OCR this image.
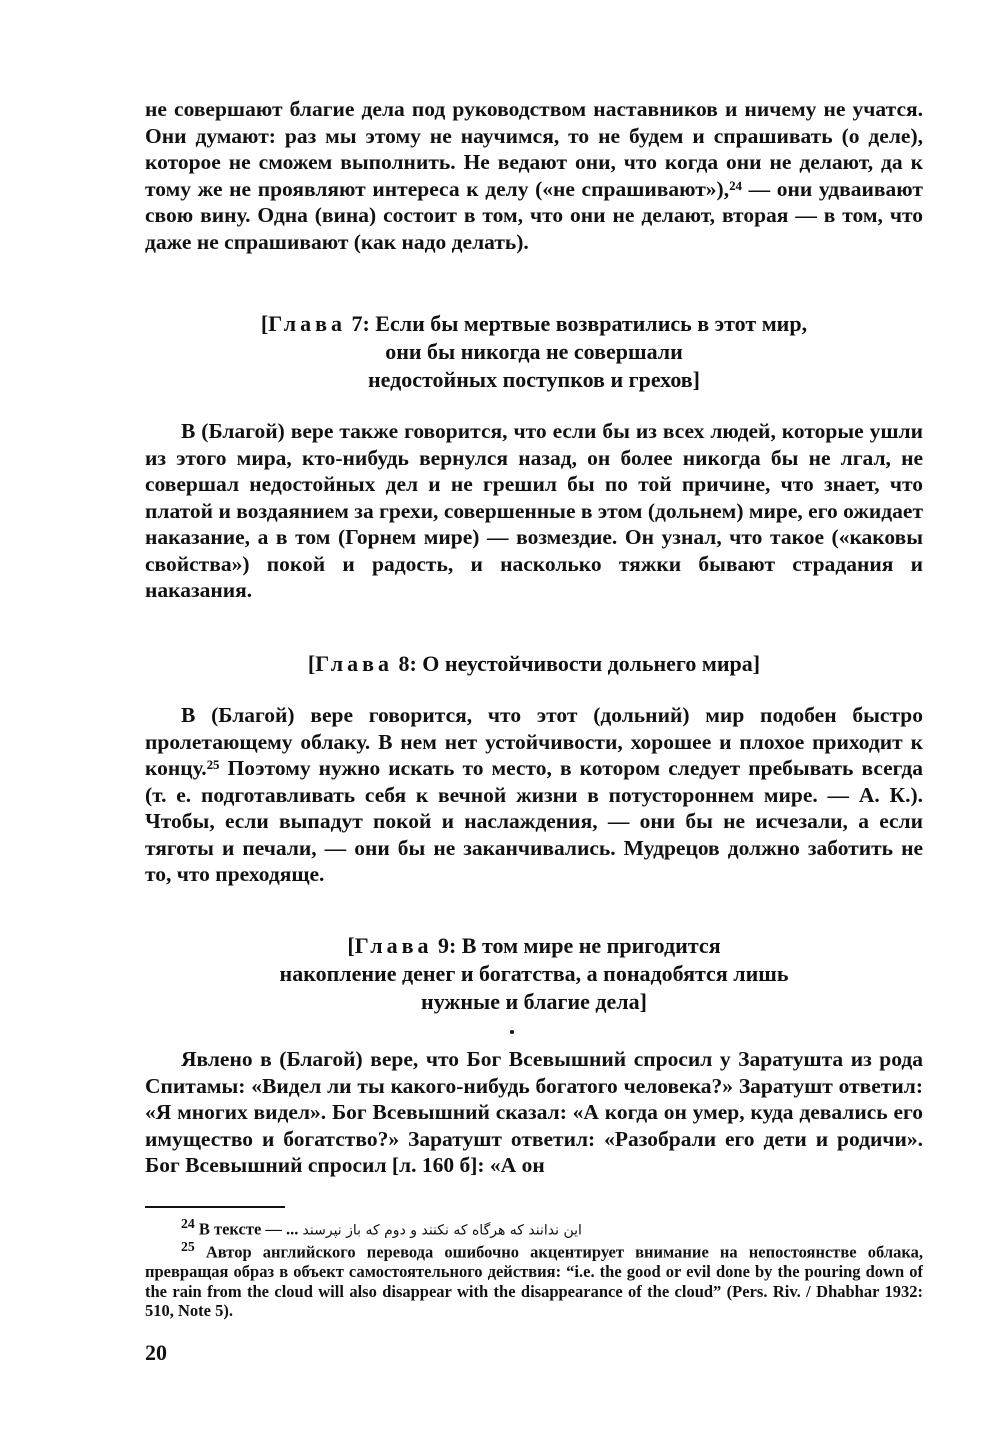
не совершают благие дела под руководством наставников и ничему не учатся. Они думают: раз мы этому не научимся, то не будем и спрашивать (о деле), которое не сможем выполнить. Не ведают они, что когда они не делают, да к тому же не проявляют интереса к делу («не спрашивают»),²⁴ — они удваивают свою вину. Одна (вина) состоит в том, что они не делают, вторая — в том, что даже не спрашивают (как надо делать).

[Глава 7: Если бы мертвые возвратились в этот мир,
они бы никогда не совершали
недостойных поступков и грехов]

В (Благой) вере также говорится, что если бы из всех людей, которые ушли из этого мира, кто-нибудь вернулся назад, он более никогда бы не лгал, не совершал недостойных дел и не грешил бы по той причине, что знает, что платой и воздаянием за грехи, совершенные в этом (дольнем) мире, его ожидает наказание, а в том (Горнем мире) — возмездие. Он узнал, что такое («каковы свойства») покой и радость, и насколько тяжки бывают страдания и наказания.

[Глава 8: О неустойчивости дольнего мира]

В (Благой) вере говорится, что этот (дольний) мир подобен быстро пролетающему облаку. В нем нет устойчивости, хорошее и плохое приходит к концу.²⁵ Поэтому нужно искать то место, в котором следует пребывать всегда (т. е. подготавливать себя к вечной жизни в потустороннем мире. — А. К.). Чтобы, если выпадут покой и наслаждения, — они бы не исчезали, а если тяготы и печали, — они бы не заканчивались. Мудрецов должно заботить не то, что преходяще.

[Глава 9: В том мире не пригодится
накопление денег и богатства, а понадобятся лишь
нужные и благие дела]

Явлено в (Благой) вере, что Бог Всевышний спросил у Заратушта из рода Спитамы: «Видел ли ты какого-нибудь богатого человека?» Заратушт ответил: «Я многих видел». Бог Всевышний сказал: «А когда он умер, куда девались его имущество и богатство?» Заратушт ответил: «Разобрали его дети и родичи». Бог Всевышний спросил [л. 160 б]: «А он

$^{24}$ В тексте — ... این ندانند که هرگاه که نکنند و دوم که باز نپرسند

$^{25}$ Автор английского перевода ошибочно акцентирует внимание на непостоянстве облака, превращая образ в объект самостоятельного действия: “i.e. the good or evil done by the pouring down of the rain from the cloud will also disappear with the disappearance of the cloud” (Pers. Riv. / Dhabhar 1932: 510, Note 5).

20
